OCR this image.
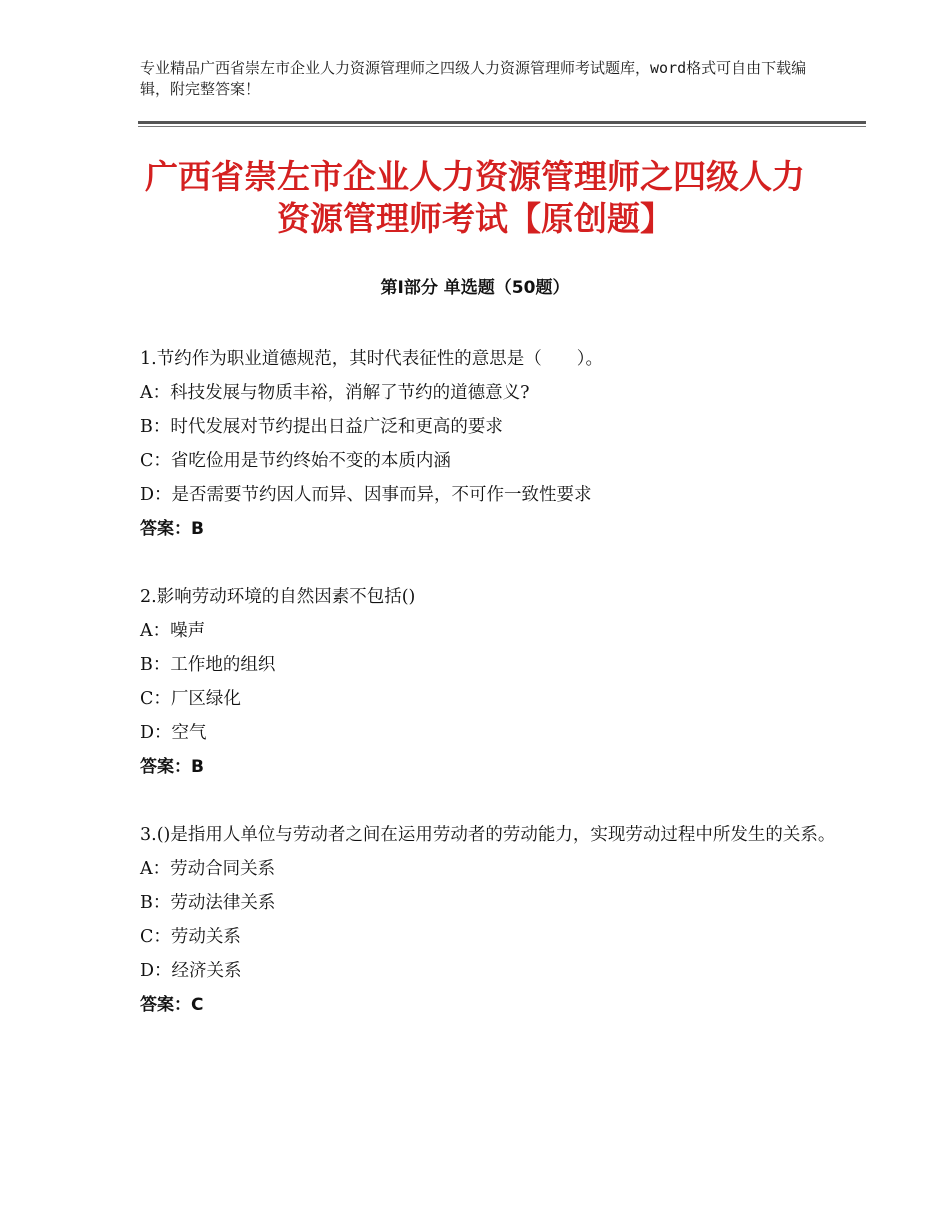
专业精品广西省崇左市企业人力资源管理师之四级人力资源管理师考试题库，word格式可自由下载编辑，附完整答案！
广西省崇左市企业人力资源管理师之四级人力资源管理师考试【原创题】
第Ⅰ部分 单选题（50题）
1.节约作为职业道德规范，其时代表征性的意思是（　　）。
A：科技发展与物质丰裕，消解了节约的道德意义?
B：时代发展对节约提出日益广泛和更高的要求
C：省吃俭用是节约终始不变的本质内涵
D：是否需要节约因人而异、因事而异，不可作一致性要求
答案：B
2.影响劳动环境的自然因素不包括()
A：噪声
B：工作地的组织
C：厂区绿化
D：空气
答案：B
3.()是指用人单位与劳动者之间在运用劳动者的劳动能力，实现劳动过程中所发生的关系。
A：劳动合同关系
B：劳动法律关系
C：劳动关系
D：经济关系
答案：C
